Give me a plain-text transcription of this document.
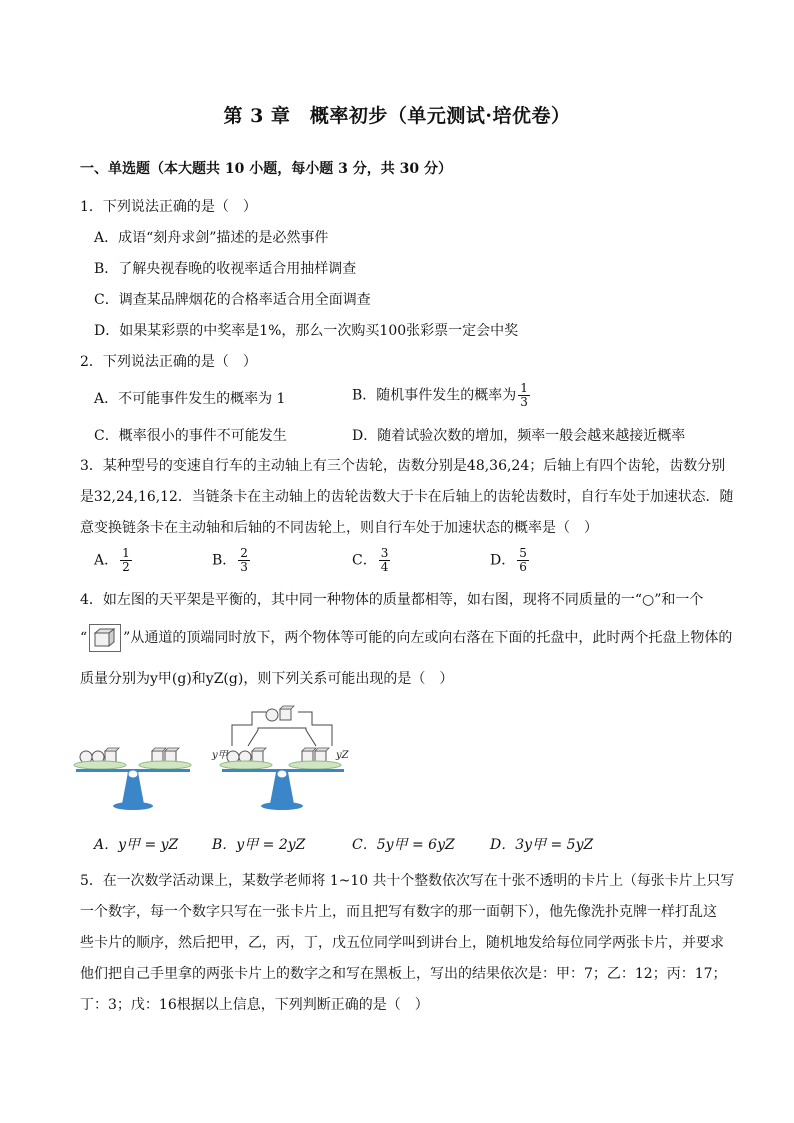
第 3 章　概率初步（单元测试·培优卷）
一、单选题（本大题共 10 小题，每小题 3 分，共 30 分）
1．下列说法正确的是（　）
A．成语“刻舟求剑”描述的是必然事件
B．了解央视春晚的收视率适合用抽样调查
C．调查某品牌烟花的合格率适合用全面调查
D．如果某彩票的中奖率是1%，那么一次购买100张彩票一定会中奖
2．下列说法正确的是（　）
A．不可能事件发生的概率为 1	B．随机事件发生的概率为 $\frac{1}{3}$
C．概率很小的事件不可能发生	D．随着试验次数的增加，频率一般会越来越接近概率
3．某种型号的变速自行车的主动轴上有三个齿轮，齿数分别是48,36,24；后轴上有四个齿轮，齿数分别
是32,24,16,12．当链条卡在主动轴上的齿轮齿数大于卡在后轴上的齿轮齿数时，自行车处于加速状态．随
意变换链条卡在主动轴和后轴的不同齿轮上，则自行车处于加速状态的概率是（　）
A． $\frac{1}{2}$	B． $\frac{2}{3}$	C． $\frac{3}{4}$	D． $\frac{5}{6}$
4．如左图的天平架是平衡的，其中同一种物体的质量都相等，如右图，现将不同质量的一“○”和一个
“	”从通道的顶端同时放下，两个物体等可能的向左或向右落在下面的托盘中，此时两个托盘上物体的
质量分别为y甲(g)和yZ(g)，则下列关系可能出现的是（　）
y甲	yZ
A．y甲 = yZ B．y甲 = 2yZ	C．5y甲 = 6yZ	D．3y甲 = 5yZ
5．在一次数学活动课上，某数学老师将 1~10 共十个整数依次写在十张不透明的卡片上（每张卡片上只写
一个数字，每一个数字只写在一张卡片上，而且把写有数字的那一面朝下），他先像洗扑克牌一样打乱这
些卡片的顺序，然后把甲，乙，丙，丁，戊五位同学叫到讲台上，随机地发给每位同学两张卡片，并要求
他们把自己手里拿的两张卡片上的数字之和写在黑板上，写出的结果依次是：甲：7；乙：12；丙：17；
丁：3；戊：16根据以上信息，下列判断正确的是（　）
